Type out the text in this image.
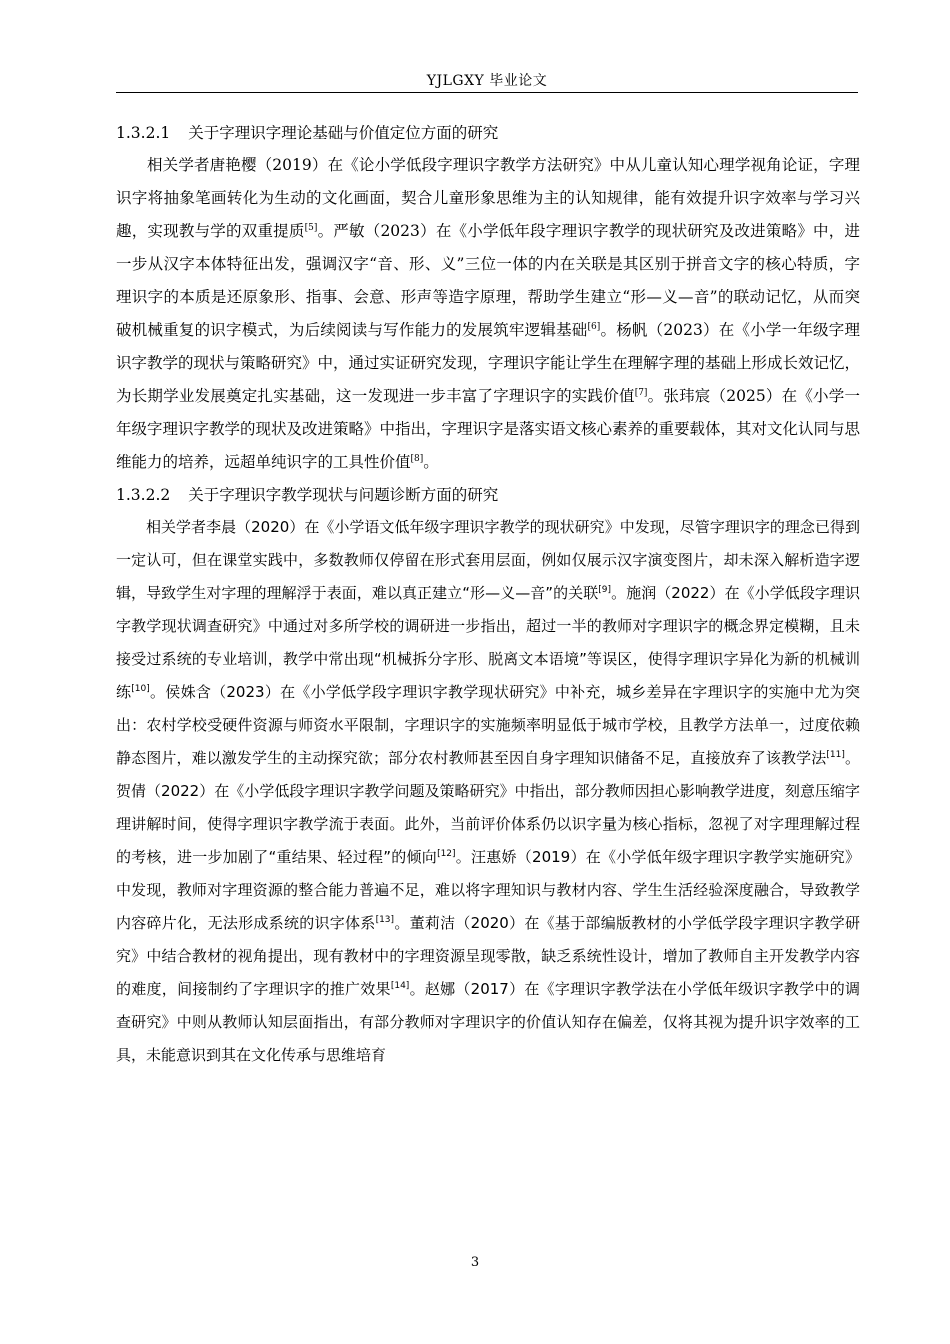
YJLGXY 毕业论文

1.3.2.1 关于字理识字理论基础与价值定位方面的研究

相关学者唐艳樱（2019）在《论小学低段字理识字教学方法研究》中从儿童认知心理学视角论证，字理识字将抽象笔画转化为生动的文化画面，契合儿童形象思维为主的认知规律，能有效提升识字效率与学习兴趣，实现教与学的双重提质[5]。严敏（2023）在《小学低年段字理识字教学的现状研究及改进策略》中，进一步从汉字本体特征出发，强调汉字“音、形、义”三位一体的内在关联是其区别于拼音文字的核心特质，字理识字的本质是还原象形、指事、会意、形声等造字原理，帮助学生建立“形—义—音”的联动记忆，从而突破机械重复的识字模式，为后续阅读与写作能力的发展筑牢逻辑基础[6]。杨帆（2023）在《小学一年级字理识字教学的现状与策略研究》中，通过实证研究发现，字理识字能让学生在理解字理的基础上形成长效记忆，为长期学业发展奠定扎实基础，这一发现进一步丰富了字理识字的实践价值[7]。张玮宸（2025）在《小学一年级字理识字教学的现状及改进策略》中指出，字理识字是落实语文核心素养的重要载体，其对文化认同与思维能力的培养，远超单纯识字的工具性价值[8]。

1.3.2.2 关于字理识字教学现状与问题诊断方面的研究

相关学者李晨（2020）在《小学语文低年级字理识字教学的现状研究》中发现，尽管字理识字的理念已得到一定认可，但在课堂实践中，多数教师仅停留在形式套用层面，例如仅展示汉字演变图片，却未深入解析造字逻辑，导致学生对字理的理解浮于表面，难以真正建立“形—义—音”的关联[9]。施润（2022）在《小学低段字理识字教学现状调查研究》中通过对多所学校的调研进一步指出，超过一半的教师对字理识字的概念界定模糊，且未接受过系统的专业培训，教学中常出现“机械拆分字形、脱离文本语境”等误区，使得字理识字异化为新的机械训练[10]。侯姝含（2023）在《小学低学段字理识字教学现状研究》中补充，城乡差异在字理识字的实施中尤为突出：农村学校受硬件资源与师资水平限制，字理识字的实施频率明显低于城市学校，且教学方法单一，过度依赖静态图片，难以激发学生的主动探究欲；部分农村教师甚至因自身字理知识储备不足，直接放弃了该教学法[11]。贺倩（2022）在《小学低段字理识字教学问题及策略研究》中指出，部分教师因担心影响教学进度，刻意压缩字理讲解时间，使得字理识字教学流于表面。此外，当前评价体系仍以识字量为核心指标，忽视了对字理理解过程的考核，进一步加剧了“重结果、轻过程”的倾向[12]。汪惠娇（2019）在《小学低年级字理识字教学实施研究》中发现，教师对字理资源的整合能力普遍不足，难以将字理知识与教材内容、学生生活经验深度融合，导致教学内容碎片化，无法形成系统的识字体系[13]。董莉洁（2020）在《基于部编版教材的小学低学段字理识字教学研究》中结合教材的视角提出，现有教材中的字理资源呈现零散，缺乏系统性设计，增加了教师自主开发教学内容的难度，间接制约了字理识字的推广效果[14]。赵娜（2017）在《字理识字教学法在小学低年级识字教学中的调查研究》中则从教师认知层面指出，有部分教师对字理识字的价值认知存在偏差，仅将其视为提升识字效率的工具，未能意识到其在文化传承与思维培育

3
